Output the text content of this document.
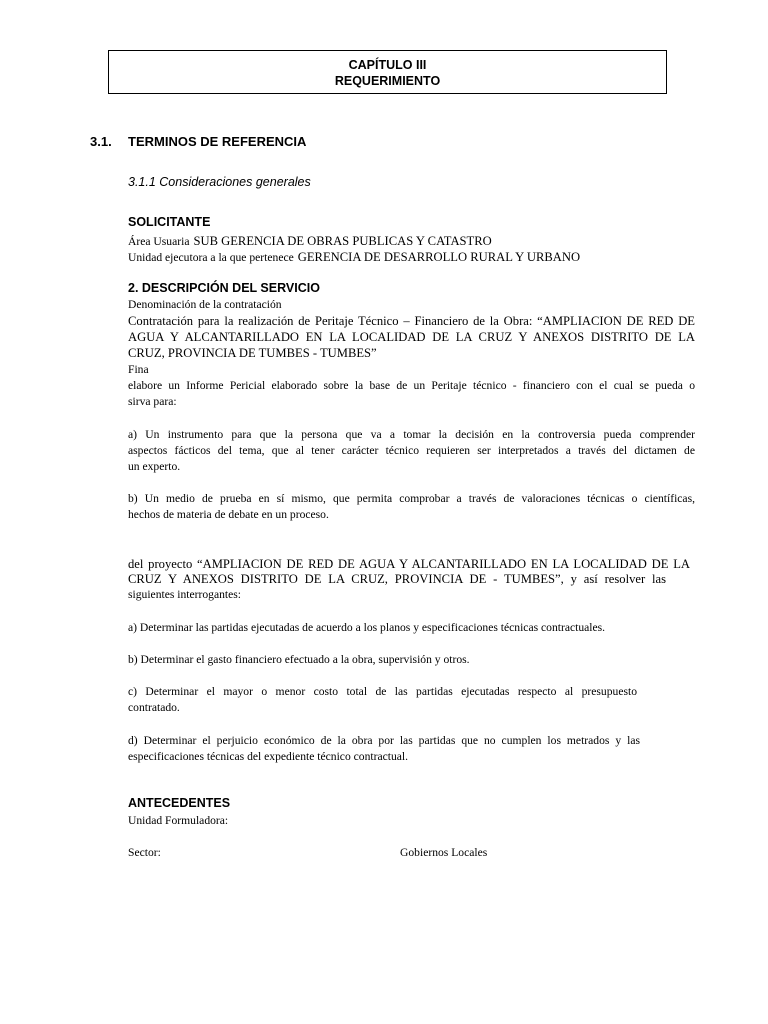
CAPÍTULO III
REQUERIMIENTO
3.1. TERMINOS DE REFERENCIA
3.1.1 Consideraciones generales
SOLICITANTE
Área Usuaria SUB GERENCIA DE OBRAS PUBLICAS Y CATASTRO
Unidad ejecutora a la que pertenece GERENCIA DE DESARROLLO RURAL Y URBANO
2. DESCRIPCIÓN DEL SERVICIO
Denominación de la contratación
Contratación para la realización de Peritaje Técnico – Financiero de la Obra: “AMPLIACION DE RED DE
AGUA Y ALCANTARILLADO EN LA LOCALIDAD DE LA CRUZ Y ANEXOS DISTRITO DE LA
CRUZ, PROVINCIA DE TUMBES - TUMBES”
Fina
elabore un Informe Pericial elaborado sobre la base de un Peritaje técnico - financiero con el cual se pueda o
sirva para:
a) Un instrumento para que la persona que va a tomar la decisión en la controversia pueda comprender
aspectos fácticos del tema, que al tener carácter técnico requieren ser interpretados a través del dictamen de
un experto.
b) Un medio de prueba en sí mismo, que permita comprobar a través de valoraciones técnicas o científicas,
hechos de materia de debate en un proceso.
del proyecto “AMPLIACION DE RED DE AGUA Y ALCANTARILLADO EN LA LOCALIDAD DE LA
CRUZ Y ANEXOS DISTRITO DE LA CRUZ, PROVINCIA DE - TUMBES”, y así resolver las
siguientes interrogantes:
a) Determinar las partidas ejecutadas de acuerdo a los planos y especificaciones técnicas contractuales.
b) Determinar el gasto financiero efectuado a la obra, supervisión y otros.
c) Determinar el mayor o menor costo total de las partidas ejecutadas respecto al presupuesto
contratado.
d) Determinar el perjuicio económico de la obra por las partidas que no cumplen los metrados y las
especificaciones técnicas del expediente técnico contractual.
ANTECEDENTES
Unidad Formuladora:
Sector:	Gobiernos Locales
